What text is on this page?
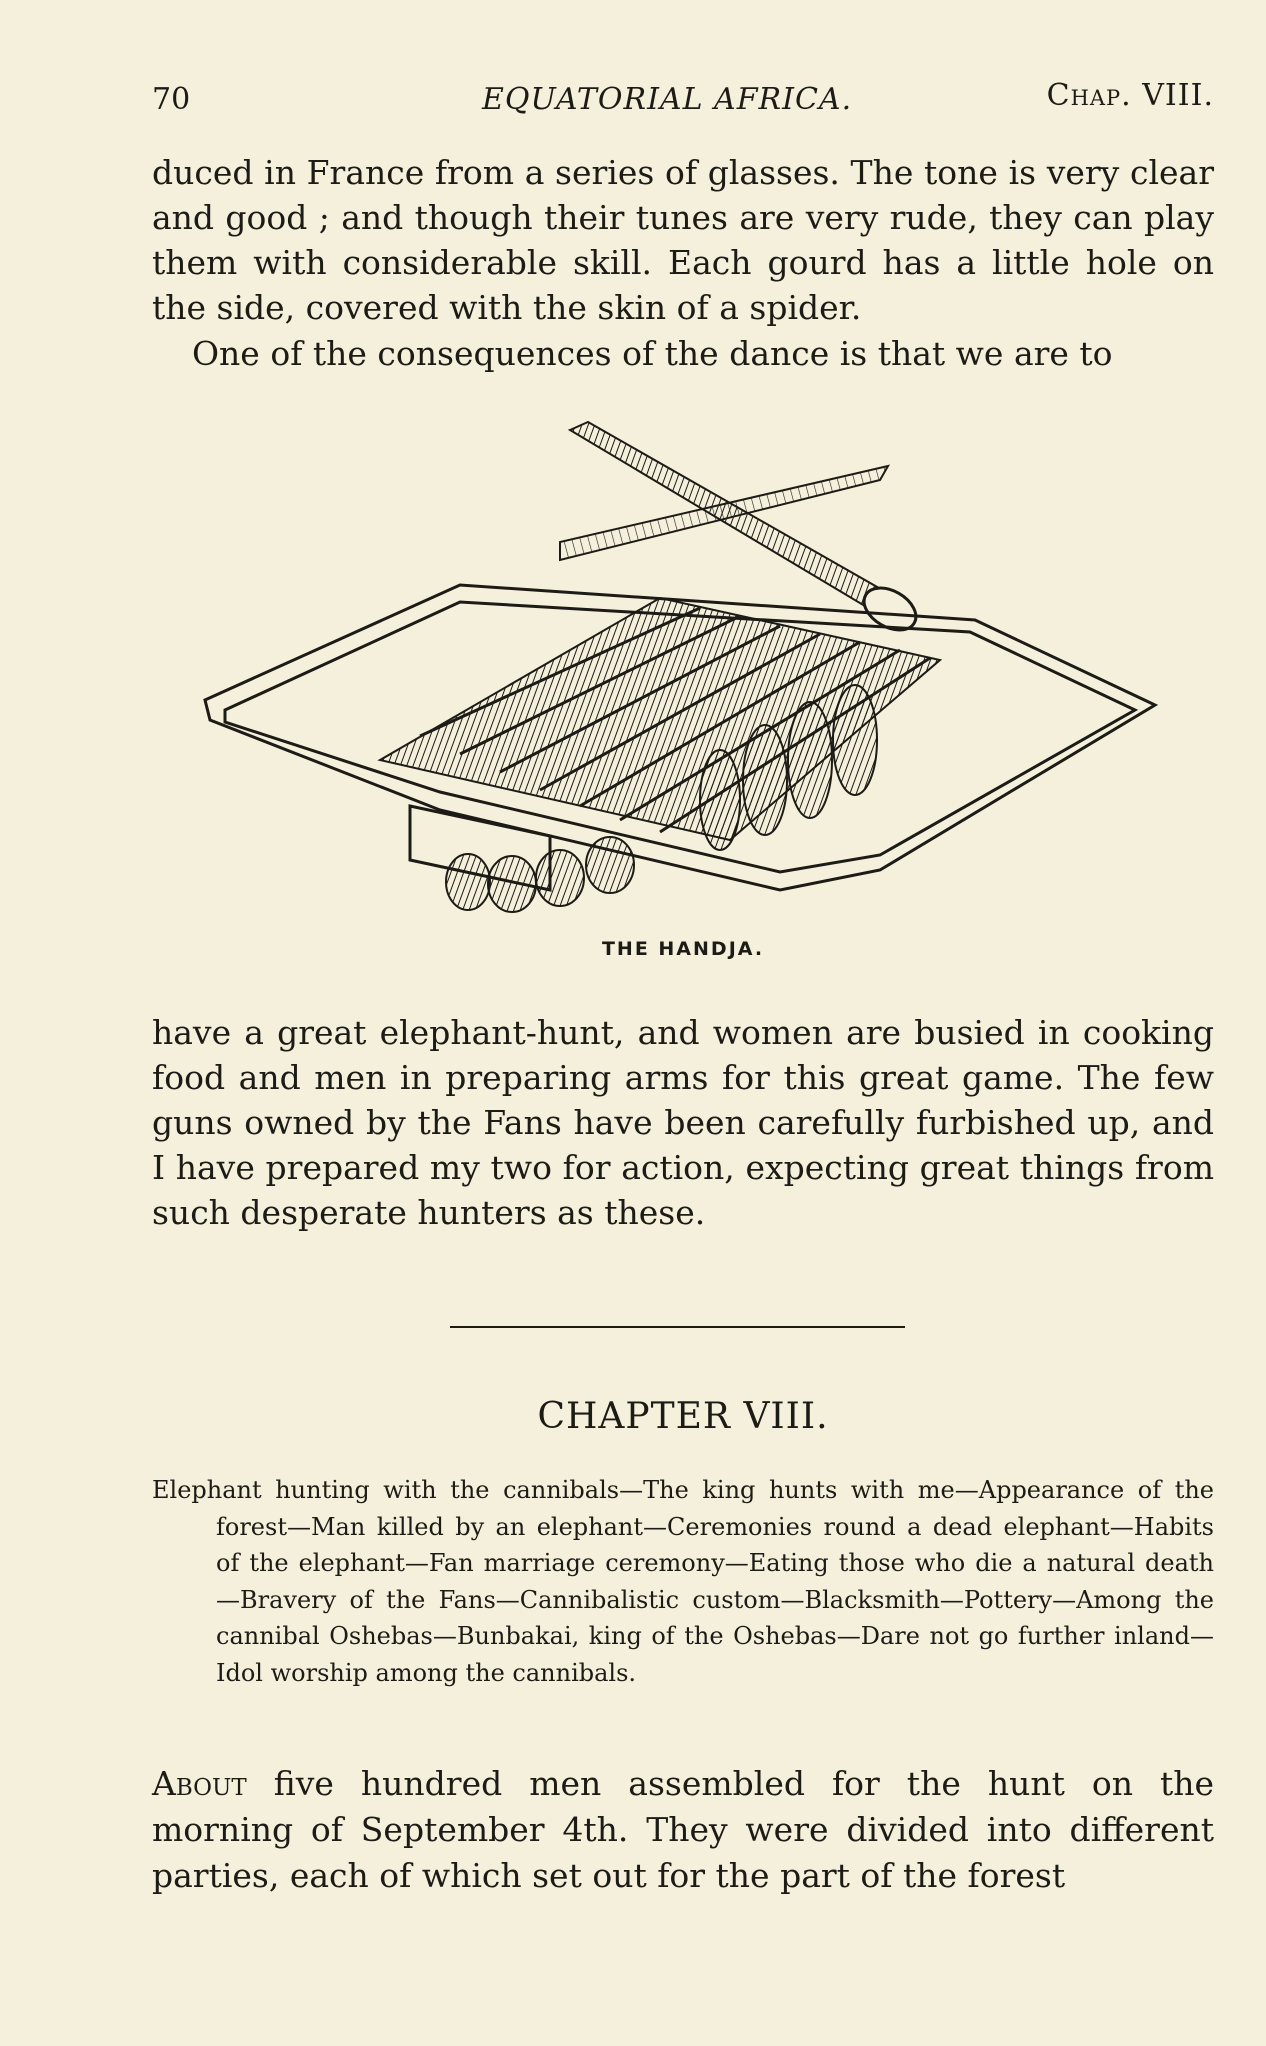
70	EQUATORIAL AFRICA.	Chap. VIII.

duced in France from a series of glasses. The tone is very clear and good ; and though their tunes are very rude, they can play them with considerable skill. Each gourd has a little hole on the side, covered with the skin of a spider.

One of the consequences of the dance is that we are to

THE HANDJA.

have a great elephant-hunt, and women are busied in cooking food and men in preparing arms for this great game. The few guns owned by the Fans have been carefully furbished up, and I have prepared my two for action, expecting great things from such desperate hunters as these.

CHAPTER VIII.

Elephant hunting with the cannibals—The king hunts with me—Appearance of the forest—Man killed by an elephant—Ceremonies round a dead elephant—Habits of the elephant—Fan marriage ceremony—Eating those who die a natural death—Bravery of the Fans—Cannibalistic custom—Blacksmith—Pottery—Among the cannibal Oshebas—Bunbakai, king of the Oshebas—Dare not go further inland—Idol worship among the cannibals.

About five hundred men assembled for the hunt on the morning of September 4th. They were divided into different parties, each of which set out for the part of the forest
